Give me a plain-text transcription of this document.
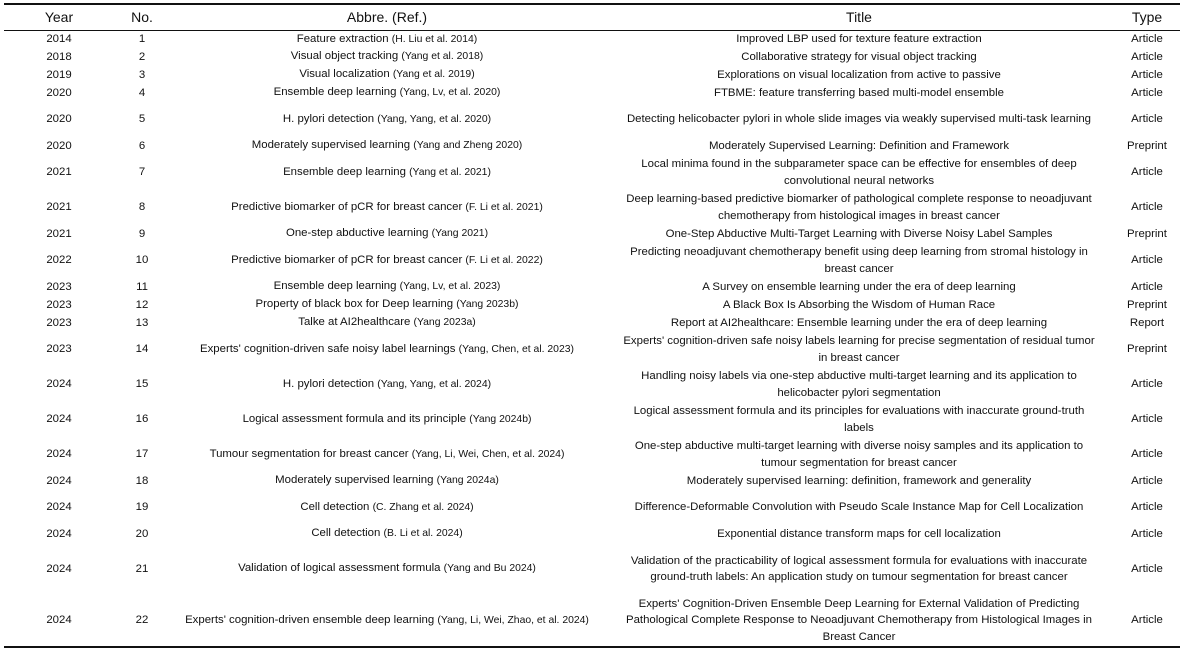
Year	No.	Abbre. (Ref.)	Title	Type
2014	1	Feature extraction (H. Liu et al. 2014)	Improved LBP used for texture feature extraction	Article
2018	2	Visual object tracking (Yang et al. 2018)	Collaborative strategy for visual object tracking	Article
2019	3	Visual localization (Yang et al. 2019)	Explorations on visual localization from active to passive	Article
2020	4	Ensemble deep learning (Yang, Lv, et al. 2020)	FTBME: feature transferring based multi-model ensemble	Article
2020	5	H. pylori detection (Yang, Yang, et al. 2020)	Detecting helicobacter pylori in whole slide images via weakly supervised multi-task learning	Article
2020	6	Moderately supervised learning (Yang and Zheng 2020)	Moderately Supervised Learning: Definition and Framework	Preprint
2021	7	Ensemble deep learning (Yang et al. 2021)	Local minima found in the subparameter space can be effective for ensembles of deep convolutional neural networks	Article
2021	8	Predictive biomarker of pCR for breast cancer (F. Li et al. 2021)	Deep learning-based predictive biomarker of pathological complete response to neoadjuvant chemotherapy from histological images in breast cancer	Article
2021	9	One-step abductive learning (Yang 2021)	One-Step Abductive Multi-Target Learning with Diverse Noisy Label Samples	Preprint
2022	10	Predictive biomarker of pCR for breast cancer (F. Li et al. 2022)	Predicting neoadjuvant chemotherapy benefit using deep learning from stromal histology in breast cancer	Article
2023	11	Ensemble deep learning (Yang, Lv, et al. 2023)	A Survey on ensemble learning under the era of deep learning	Article
2023	12	Property of black box for Deep learning (Yang 2023b)	A Black Box Is Absorbing the Wisdom of Human Race	Preprint
2023	13	Talke at AI2healthcare (Yang 2023a)	Report at AI2healthcare: Ensemble learning under the era of deep learning	Report
2023	14	Experts' cognition-driven safe noisy label learnings (Yang, Chen, et al. 2023)	Experts' cognition-driven safe noisy labels learning for precise segmentation of residual tumor in breast cancer	Preprint
2024	15	H. pylori detection (Yang, Yang, et al. 2024)	Handling noisy labels via one-step abductive multi-target learning and its application to helicobacter pylori segmentation	Article
2024	16	Logical assessment formula and its principle (Yang 2024b)	Logical assessment formula and its principles for evaluations with inaccurate ground-truth labels	Article
2024	17	Tumour segmentation for breast cancer (Yang, Li, Wei, Chen, et al. 2024)	One-step abductive multi-target learning with diverse noisy samples and its application to tumour segmentation for breast cancer	Article
2024	18	Moderately supervised learning (Yang 2024a)	Moderately supervised learning: definition, framework and generality	Article
2024	19	Cell detection (C. Zhang et al. 2024)	Difference-Deformable Convolution with Pseudo Scale Instance Map for Cell Localization	Article
2024	20	Cell detection (B. Li et al. 2024)	Exponential distance transform maps for cell localization	Article
2024	21	Validation of logical assessment formula (Yang and Bu 2024)	Validation of the practicability of logical assessment formula for evaluations with inaccurate ground-truth labels: An application study on tumour segmentation for breast cancer	Article
2024	22	Experts' cognition-driven ensemble deep learning (Yang, Li, Wei, Zhao, et al. 2024)	Experts' Cognition-Driven Ensemble Deep Learning for External Validation of Predicting Pathological Complete Response to Neoadjuvant Chemotherapy from Histological Images in Breast Cancer	Article
